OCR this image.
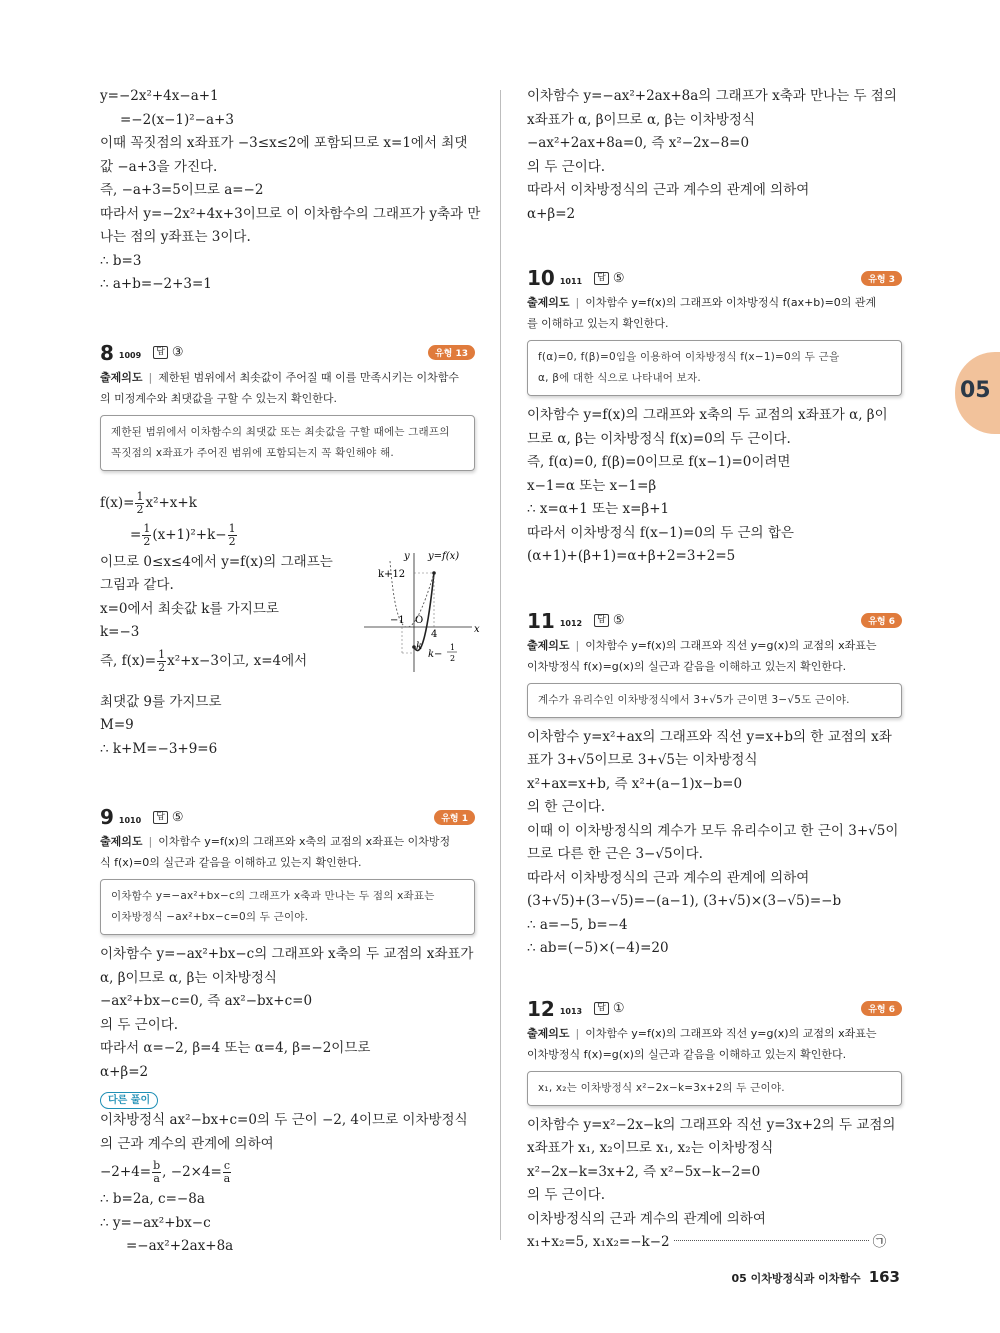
05
y=−2x²+4x−a+1
=−2(x−1)²−a+3
이때 꼭짓점의 x좌표가 −3≤x≤2에 포함되므로 x=1에서 최댓
값 −a+3을 가진다.
즉, −a+3=5이므로 a=−2
따라서 y=−2x²+4x+3이므로 이 이차함수의 그래프가 y축과 만
나는 점의 y좌표는 3이다.
∴ b=3
∴ a+b=−2+3=1
8 1009	답 ③	유형 13
출제의도 | 제한된 범위에서 최솟값이 주어질 때 이를 만족시키는 이차함수
의 미정계수와 최댓값을 구할 수 있는지 확인한다.
제한된 범위에서 이차함수의 최댓값 또는 최솟값을 구할 때에는 그래프의
꼭짓점의 x좌표가 주어진 범위에 포함되는지 꼭 확인해야 해.
$f(x)= \frac{1}{2} x^2+x+k$
= $\frac{1}{2} (x+1)^2+k- \frac{1}{2}$
이므로 0≤x≤4에서 y=f(x)의 그래프는
그림과 같다.
x=0에서 최솟값 k를 가지므로
k=−3
즉, $f(x)= \frac{1}{2} x^2+x-3$이고, x=4에서
y
x
y=f(x)
k+12
−1 O
4
k
k−
1
2
최댓값 9를 가지므로
M=9
∴ k+M=−3+9=6
9 1010	답 ⑤	유형 1
출제의도 | 이차함수 y=f(x)의 그래프와 x축의 교점의 x좌표는 이차방정
식 f(x)=0의 실근과 같음을 이해하고 있는지 확인한다.
이차함수 y=−ax²+bx−c의 그래프가 x축과 만나는 두 점의 x좌표는
이차방정식 −ax²+bx−c=0의 두 근이야.
이차함수 y=−ax²+bx−c의 그래프와 x축의 두 교점의 x좌표가
α, β이므로 α, β는 이차방정식
−ax²+bx−c=0, 즉 ax²−bx+c=0
의 두 근이다.
따라서 α=−2, β=4 또는 α=4, β=−2이므로
α+β=2
다른 풀이
이차방정식 ax²−bx+c=0의 두 근이 −2, 4이므로 이차방정식
의 근과 계수의 관계에 의하여
$-2+4= \frac{b}{a}$ , $-2\times 4= \frac{c}{a}$
∴ b=2a, c=−8a
∴ y=−ax²+bx−c
=−ax²+2ax+8a
이차함수 y=−ax²+2ax+8a의 그래프가 x축과 만나는 두 점의
x좌표가 α, β이므로 α, β는 이차방정식
−ax²+2ax+8a=0, 즉 x²−2x−8=0
의 두 근이다.
따라서 이차방정식의 근과 계수의 관계에 의하여
α+β=2
10 1011	답 ⑤	유형 3
출제의도 | 이차함수 y=f(x)의 그래프와 이차방정식 f(ax+b)=0의 관계
를 이해하고 있는지 확인한다.
f(α)=0, f(β)=0임을 이용하여 이차방정식 f(x−1)=0의 두 근을
α, β에 대한 식으로 나타내어 보자.
이차함수 y=f(x)의 그래프와 x축의 두 교점의 x좌표가 α, β이
므로 α, β는 이차방정식 f(x)=0의 두 근이다.
즉, f(α)=0, f(β)=0이므로 f(x−1)=0이려면
x−1=α 또는 x−1=β
∴ x=α+1 또는 x=β+1
따라서 이차방정식 f(x−1)=0의 두 근의 합은
(α+1)+(β+1)=α+β+2=3+2=5
11 1012	답 ⑤	유형 6
출제의도 | 이차함수 y=f(x)의 그래프와 직선 y=g(x)의 교점의 x좌표는
이차방정식 f(x)=g(x)의 실근과 같음을 이해하고 있는지 확인한다.
계수가 유리수인 이차방정식에서 3+√5가 근이면 3−√5도 근이야.
이차함수 y=x²+ax의 그래프와 직선 y=x+b의 한 교점의 x좌
표가 3+√5이므로 3+√5는 이차방정식
x²+ax=x+b, 즉 x²+(a−1)x−b=0
의 한 근이다.
이때 이 이차방정식의 계수가 모두 유리수이고 한 근이 3+√5이
므로 다른 한 근은 3−√5이다.
따라서 이차방정식의 근과 계수의 관계에 의하여
(3+√5)+(3−√5)=−(a−1), (3+√5)×(3−√5)=−b
∴ a=−5, b=−4
∴ ab=(−5)×(−4)=20
12 1013	답 ①	유형 6
출제의도 | 이차함수 y=f(x)의 그래프와 직선 y=g(x)의 교점의 x좌표는
이차방정식 f(x)=g(x)의 실근과 같음을 이해하고 있는지 확인한다.
x₁, x₂는 이차방정식 x²−2x−k=3x+2의 두 근이야.
이차함수 y=x²−2x−k의 그래프와 직선 y=3x+2의 두 교점의
x좌표가 x₁, x₂이므로 x₁, x₂는 이차방정식
x²−2x−k=3x+2, 즉 x²−5x−k−2=0
의 두 근이다.
이차방정식의 근과 계수의 관계에 의하여
x₁+x₂=5, x₁x₂=−k−2	㉠
05 이차방정식과 이차함수 163
